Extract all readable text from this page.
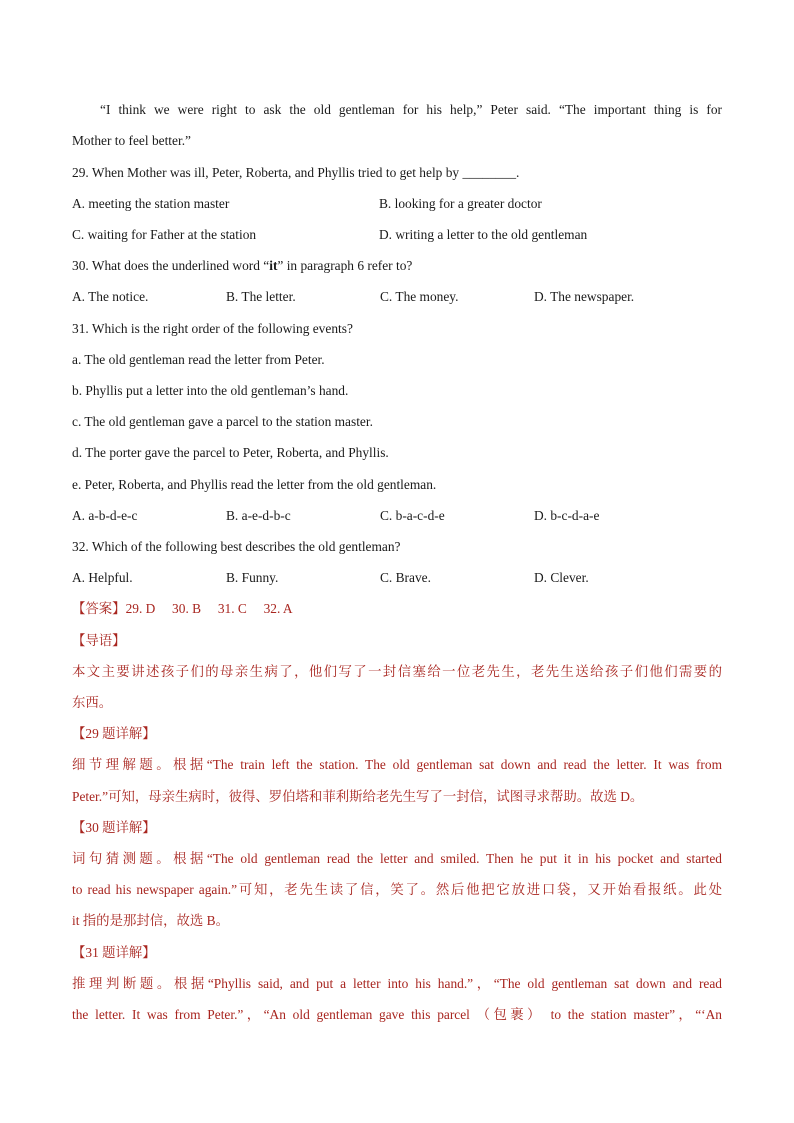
“I think we were right to ask the old gentleman for his help,” Peter said. “The important thing is for
Mother to feel better.”
29. When Mother was ill, Peter, Roberta, and Phyllis tried to get help by ________.
A. meeting the station master	B. looking for a greater doctor
C. waiting for Father at the station	D. writing a letter to the old gentleman
30. What does the underlined word “it” in paragraph 6 refer to?
A. The notice.	B. The letter.	C. The money.	D. The newspaper.
31. Which is the right order of the following events?
a. The old gentleman read the letter from Peter.
b. Phyllis put a letter into the old gentleman’s hand.
c. The old gentleman gave a parcel to the station master.
d. The porter gave the parcel to Peter, Roberta, and Phyllis.
e. Peter, Roberta, and Phyllis read the letter from the old gentleman.
A. a-b-d-e-c	B. a-e-d-b-c	C. b-a-c-d-e	D. b-c-d-a-e
32. Which of the following best describes the old gentleman?
A. Helpful.	B. Funny.	C. Brave.	D. Clever.
【答案】29. D     30. B     31. C     32. A
【导语】
本文主要讲述孩子们的母亲生病了，他们写了一封信塞给一位老先生，老先生送给孩子们他们需要的
东西。
【29 题详解】
细节理解题。根据“The train left the station. The old gentleman sat down and read the letter. It was from
Peter.”可知，母亲生病时，彼得、罗伯塔和菲利斯给老先生写了一封信，试图寻求帮助。故选 D。
【30 题详解】
词句猜测题。根据“The old gentleman read the letter and smiled. Then he put it in his pocket and started
to read his newspaper again.”可知，老先生读了信，笑了。然后他把它放进口袋，又开始看报纸。此处
it 指的是那封信，故选 B。
【31 题详解】
推理判断题。根据“Phyllis said, and put a letter into his hand.”，“The old gentleman sat down and read
the letter. It was from Peter.”，“An old gentleman gave this parcel （包裹） to the station master”，“‘An
